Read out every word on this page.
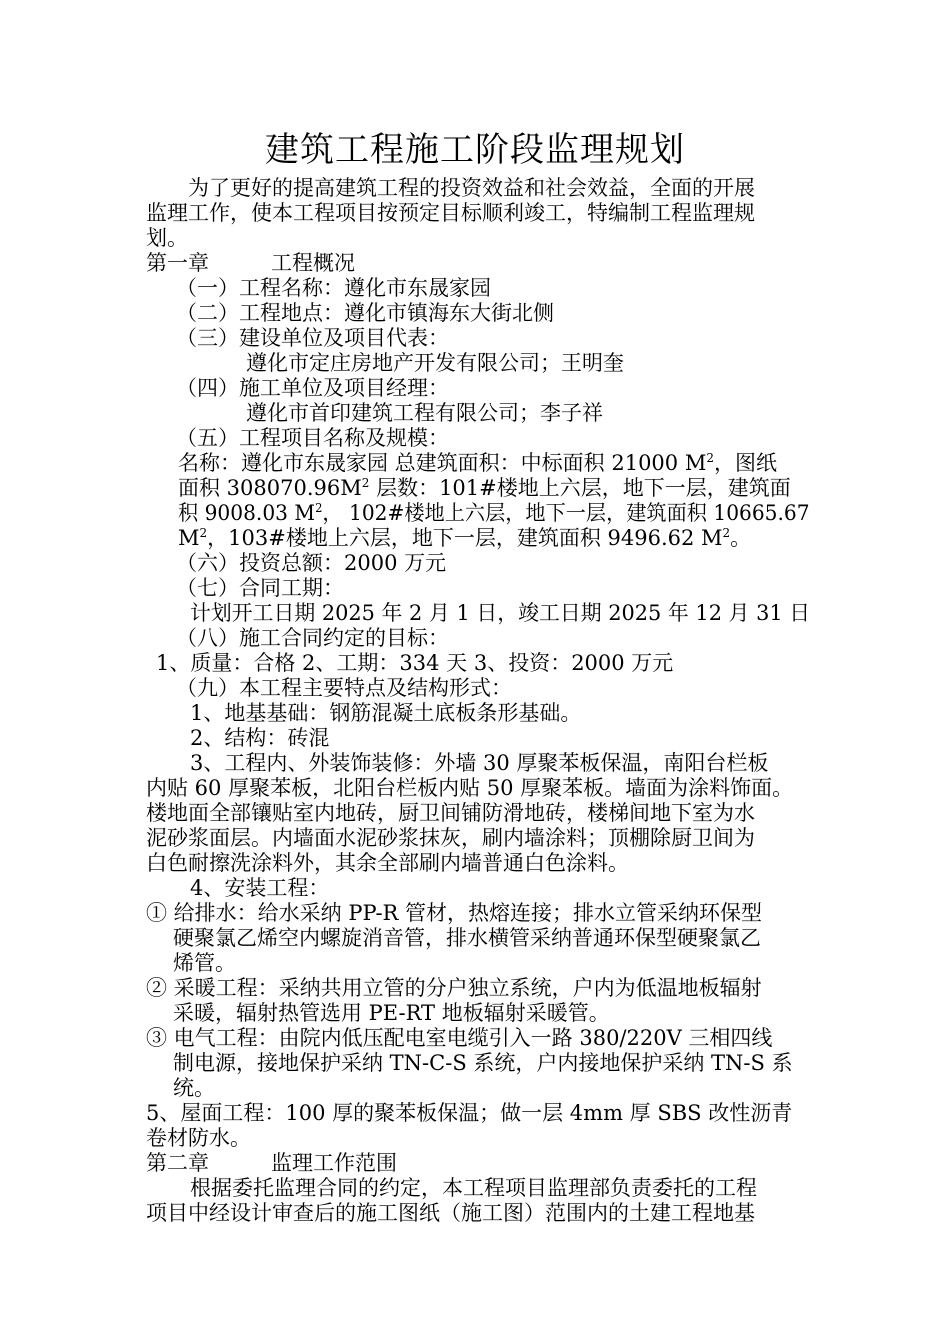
建筑工程施工阶段监理规划
为了更好的提高建筑工程的投资效益和社会效益，全面的开展
监理工作，使本工程项目按预定目标顺利竣工，特编制工程监理规
划。
第一章	工程概况
（一）工程名称：遵化市东晟家园
（二）工程地点：遵化市镇海东大街北侧
（三）建设单位及项目代表：
遵化市定庄房地产开发有限公司；王明奎
（四）施工单位及项目经理：
遵化市首印建筑工程有限公司；李子祥
（五）工程项目名称及规模：
名称：遵化市东晟家园 总建筑面积：中标面积 21000 $M^2$，图纸
面积 $308070.96M^2$ 层数：101#楼地上六层，地下一层，建筑面
积 9008.03 $M^2$， 102#楼地上六层，地下一层，建筑面积 10665.67
$M^2$，103#楼地上六层，地下一层，建筑面积 9496.62 $M^2$。
（六）投资总额：2000 万元
（七）合同工期：
计划开工日期 2025 年 2 月 1 日，竣工日期 2025 年 12 月 31 日
（八）施工合同约定的目标：
1、质量：合格 2、工期：334 天 3、投资：2000 万元
（九）本工程主要特点及结构形式：
1、地基基础：钢筋混凝土底板条形基础。
2、结构：砖混
3、工程内、外装饰装修：外墙 30 厚聚苯板保温，南阳台栏板
内贴 60 厚聚苯板，北阳台栏板内贴 50 厚聚苯板。墙面为涂料饰面。
楼地面全部镶贴室内地砖，厨卫间铺防滑地砖，楼梯间地下室为水
泥砂浆面层。内墙面水泥砂浆抹灰，刷内墙涂料；顶棚除厨卫间为
白色耐擦洗涂料外，其余全部刷内墙普通白色涂料。
4、安装工程：
① 给排水：给水采纳 PP-R 管材，热熔连接；排水立管采纳环保型
硬聚氯乙烯空内螺旋消音管，排水横管采纳普通环保型硬聚氯乙
烯管。
② 采暖工程：采纳共用立管的分户独立系统，户内为低温地板辐射
采暖，辐射热管选用 PE-RT 地板辐射采暖管。
③ 电气工程：由院内低压配电室电缆引入一路 380/220V 三相四线
制电源，接地保护采纳 TN-C-S 系统，户内接地保护采纳 TN-S 系
统。
5、屋面工程：100 厚的聚苯板保温；做一层 4mm 厚 SBS 改性沥青
卷材防水。
第二章	监理工作范围
根据委托监理合同的约定，本工程项目监理部负责委托的工程
项目中经设计审查后的施工图纸（施工图）范围内的土建工程地基
